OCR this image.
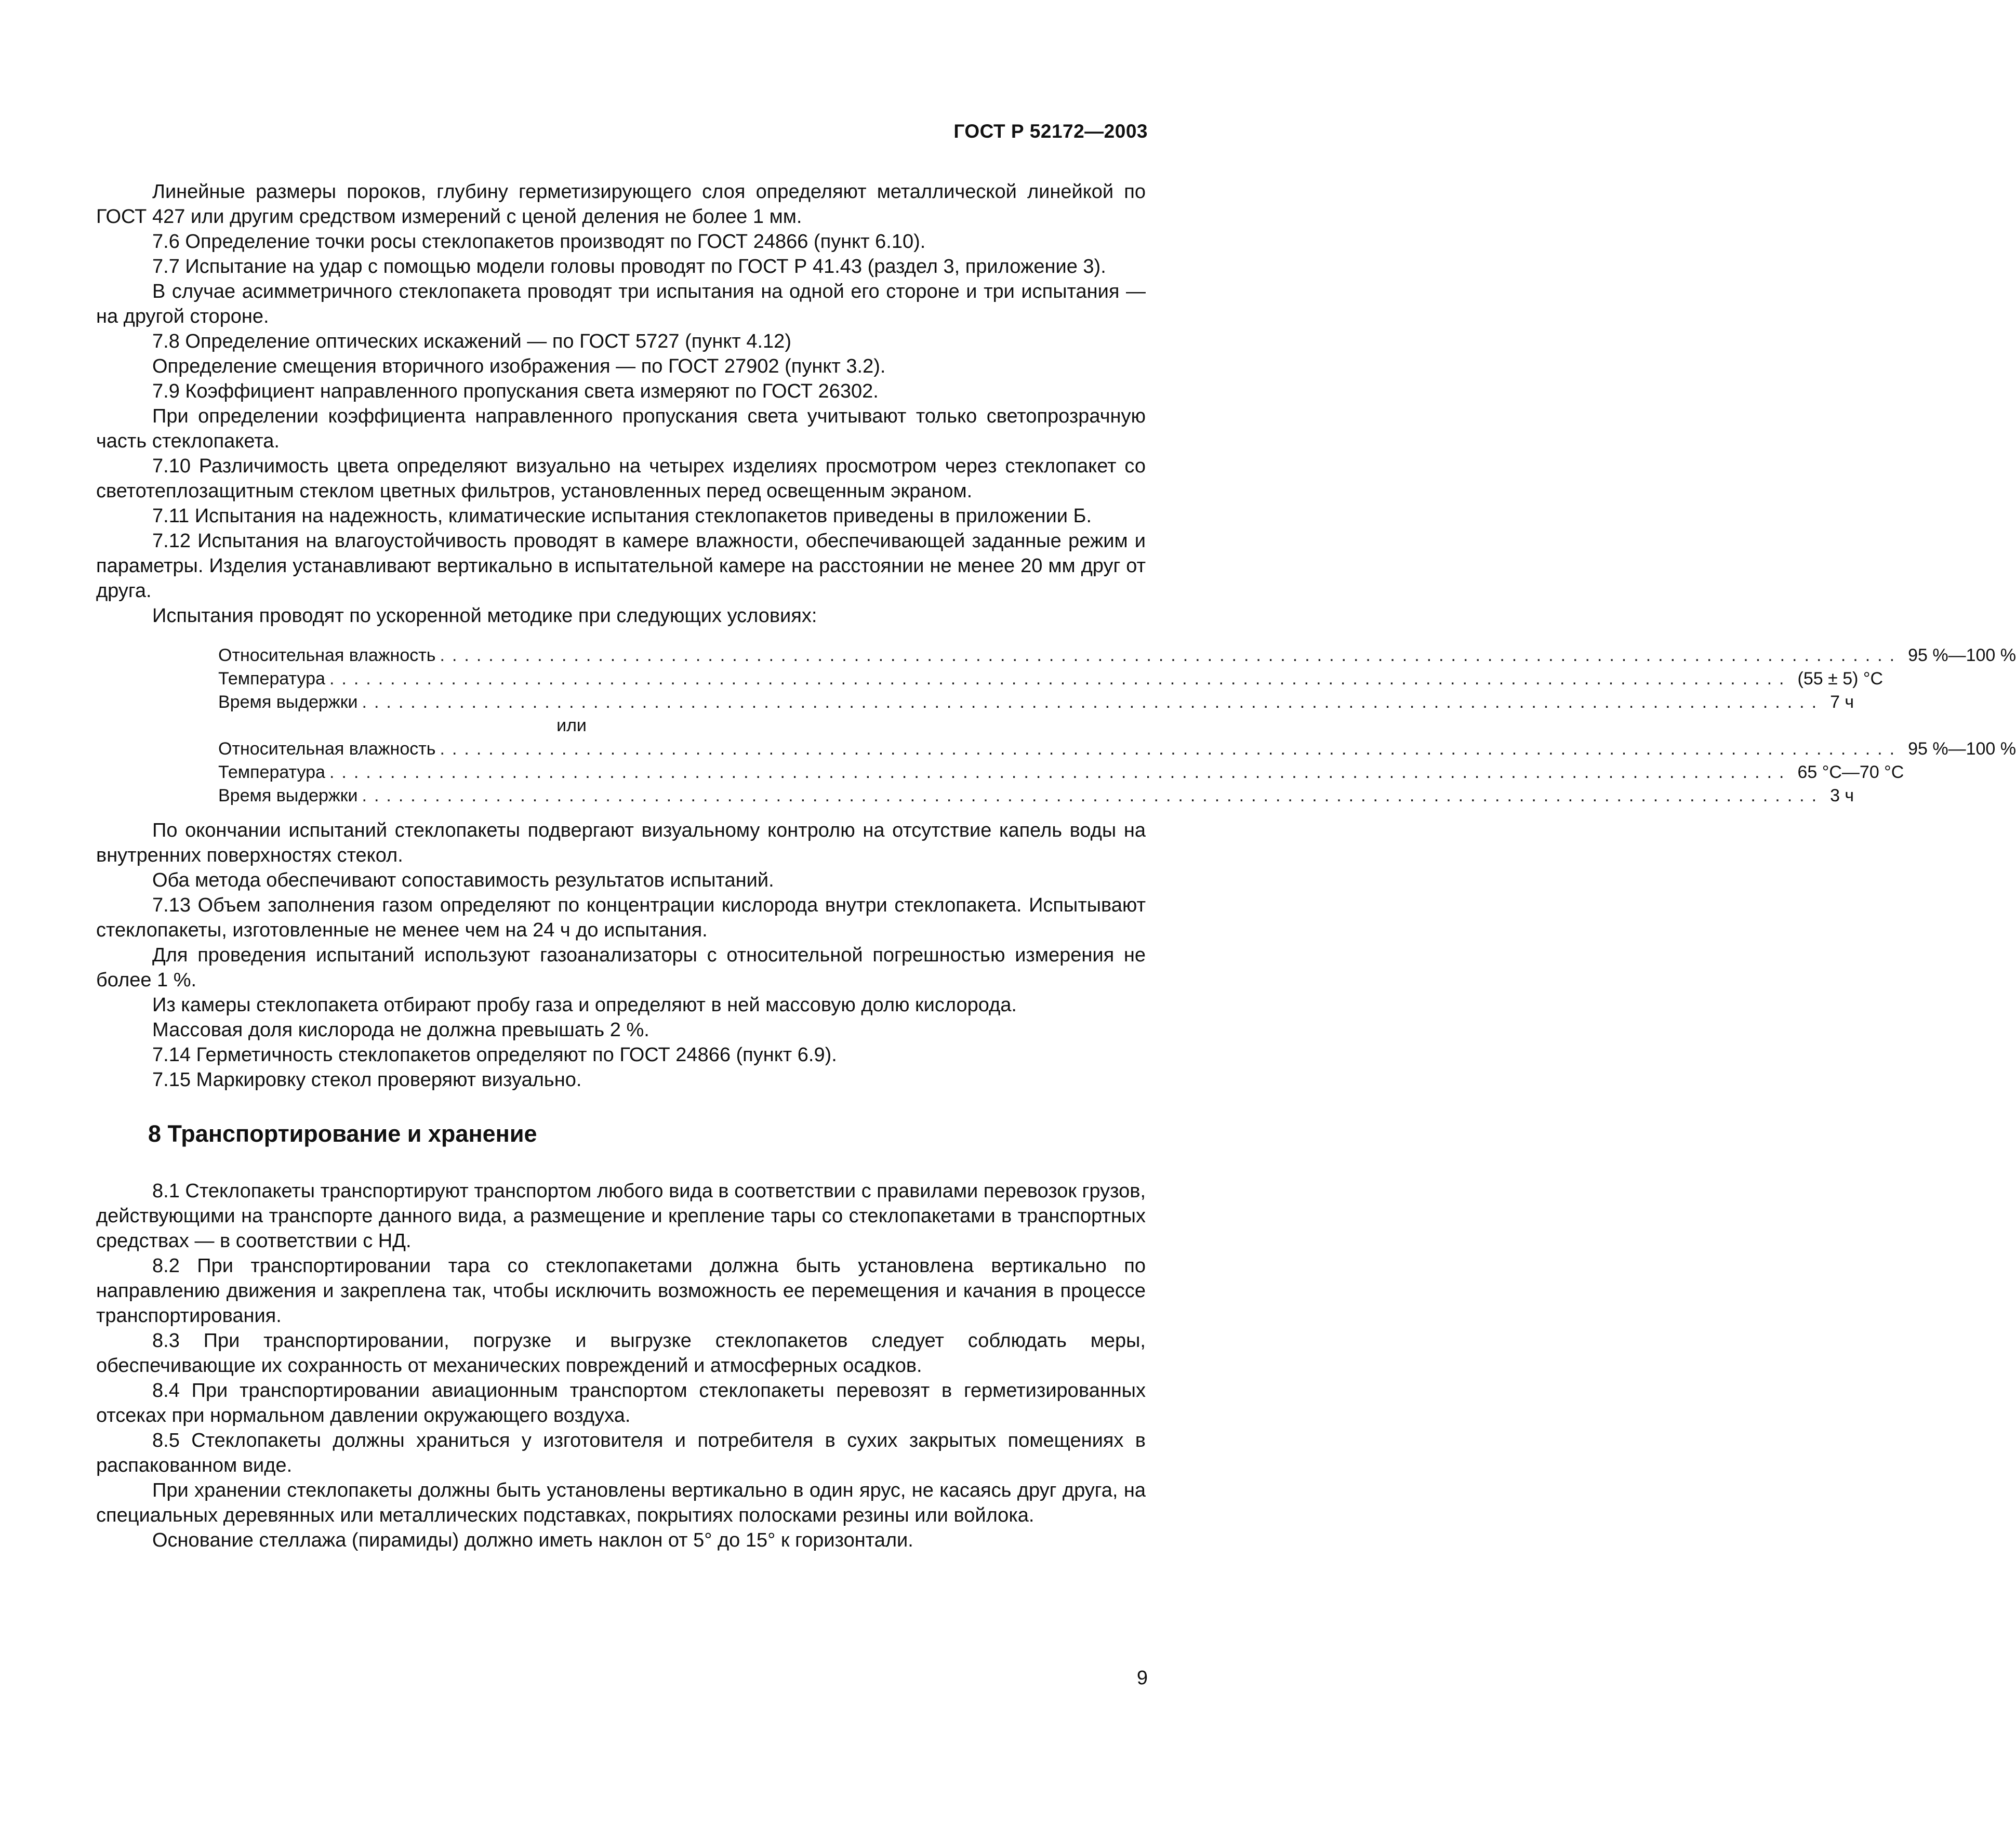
ГОСТ Р 52172—2003

Линейные размеры пороков, глубину герметизирующего слоя определяют металлической линейкой по ГОСТ 427 или другим средством измерений с ценой деления не более 1 мм.

7.6 Определение точки росы стеклопакетов производят по ГОСТ 24866 (пункт 6.10).

7.7 Испытание на удар с помощью модели головы проводят по ГОСТ Р 41.43 (раздел 3, приложение 3).

В случае асимметричного стеклопакета проводят три испытания на одной его стороне и три испытания — на другой стороне.

7.8 Определение оптических искажений — по ГОСТ 5727 (пункт 4.12)

Определение смещения вторичного изображения — по ГОСТ 27902 (пункт 3.2).

7.9 Коэффициент направленного пропускания света измеряют по ГОСТ 26302.

При определении коэффициента направленного пропускания света учитывают только светопрозрачную часть стеклопакета.

7.10 Различимость цвета определяют визуально на четырех изделиях просмотром через стеклопакет со светотеплозащитным стеклом цветных фильтров, установленных перед освещенным экраном.

7.11 Испытания на надежность, климатические испытания стеклопакетов приведены в приложении Б.

7.12 Испытания на влагоустойчивость проводят в камере влажности, обеспечивающей заданные режим и параметры. Изделия устанавливают вертикально в испытательной камере на расстоянии не менее 20 мм друг от друга.

Испытания проводят по ускоренной методике при следующих условиях:

Относительная влажность ........................................................................................................................ 95 %—100 %
Температура ........................................................................................................................ (55 ± 5) °С
Время выдержки ........................................................................................................................ 7 ч
или
Относительная влажность ........................................................................................................................ 95 %—100 %
Температура ........................................................................................................................ 65 °С—70 °С
Время выдержки ........................................................................................................................ 3 ч

По окончании испытаний стеклопакеты подвергают визуальному контролю на отсутствие капель воды на внутренних поверхностях стекол.

Оба метода обеспечивают сопоставимость результатов испытаний.

7.13 Объем заполнения газом определяют по концентрации кислорода внутри стеклопакета. Испытывают стеклопакеты, изготовленные не менее чем на 24 ч до испытания.

Для проведения испытаний используют газоанализаторы с относительной погрешностью измерения не более 1 %.

Из камеры стеклопакета отбирают пробу газа и определяют в ней массовую долю кислорода.

Массовая доля кислорода не должна превышать 2 %.

7.14 Герметичность стеклопакетов определяют по ГОСТ 24866 (пункт 6.9).

7.15 Маркировку стекол проверяют визуально.

8 Транспортирование и хранение

8.1 Стеклопакеты транспортируют транспортом любого вида в соответствии с правилами перевозок грузов, действующими на транспорте данного вида, а размещение и крепление тары со стеклопакетами в транспортных средствах — в соответствии с НД.

8.2 При транспортировании тара со стеклопакетами должна быть установлена вертикально по направлению движения и закреплена так, чтобы исключить возможность ее перемещения и качания в процессе транспортирования.

8.3 При транспортировании, погрузке и выгрузке стеклопакетов следует соблюдать меры, обеспечивающие их сохранность от механических повреждений и атмосферных осадков.

8.4 При транспортировании авиационным транспортом стеклопакеты перевозят в герметизированных отсеках при нормальном давлении окружающего воздуха.

8.5 Стеклопакеты должны храниться у изготовителя и потребителя в сухих закрытых помещениях в распакованном виде.

При хранении стеклопакеты должны быть установлены вертикально в один ярус, не касаясь друг друга, на специальных деревянных или металлических подставках, покрытиях полосками резины или войлока.

Основание стеллажа (пирамиды) должно иметь наклон от 5° до 15° к горизонтали.

9
